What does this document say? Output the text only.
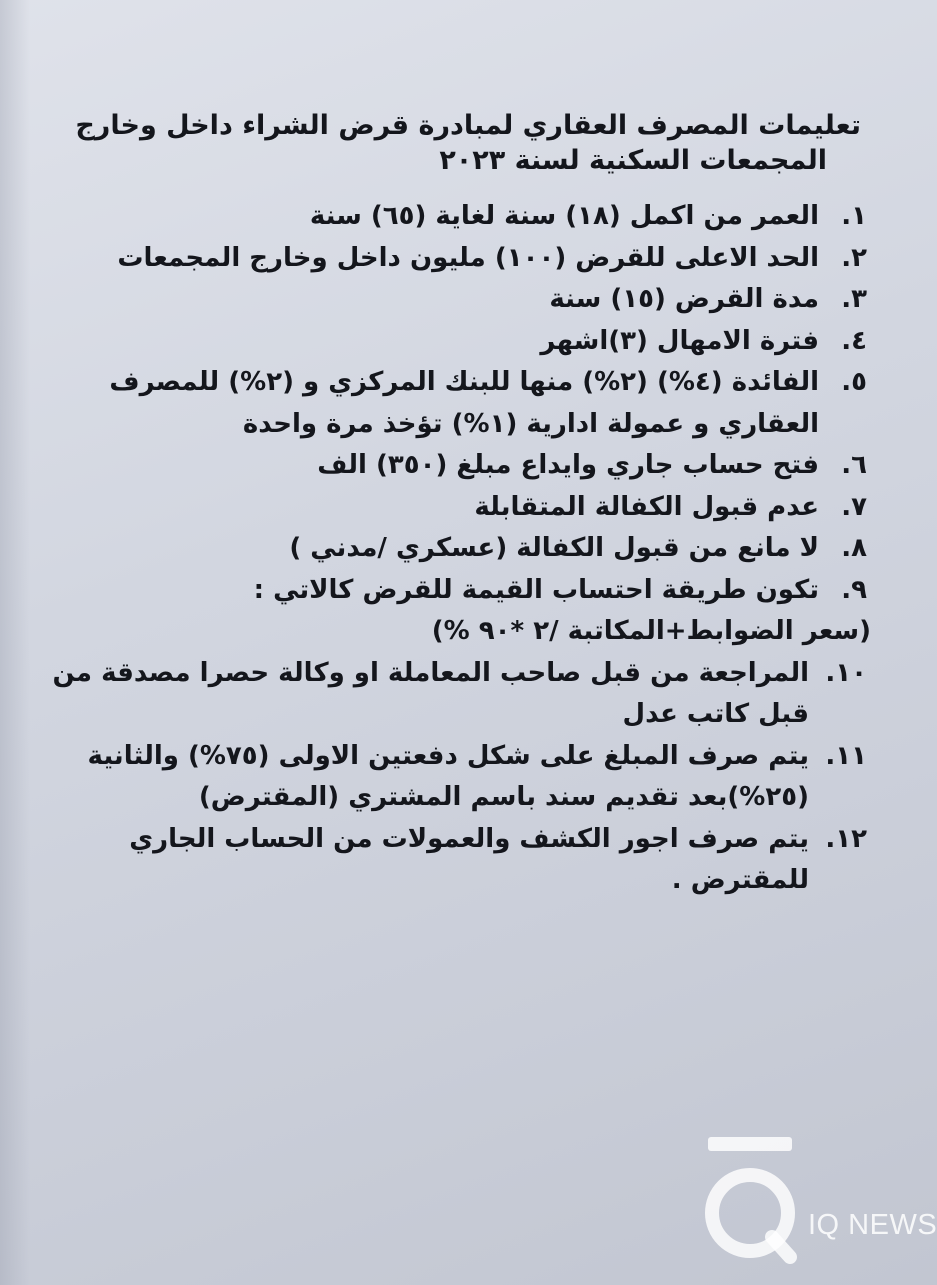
تعليمات المصرف العقاري لمبادرة قرض الشراء داخل وخارج
المجمعات السكنية لسنة ٢٠٢٣
١.
العمر من اكمل (١٨) سنة لغاية (٦٥) سنة
٢.
الحد الاعلى للقرض (١٠٠) مليون داخل وخارج المجمعات
٣.
مدة القرض (١٥) سنة
٤.
فترة الامهال (٣)اشهر
٥.
الفائدة (٤%) (٢%) منها للبنك المركزي و (٢%) للمصرف العقاري و عمولة ادارية (١%) تؤخذ مرة واحدة
٦.
فتح حساب جاري وايداع مبلغ (٣٥٠) الف
٧.
عدم قبول الكفالة المتقابلة
٨.
لا مانع من قبول الكفالة (عسكري /مدني )
٩.
تكون طريقة احتساب القيمة للقرض كالاتي :
(سعر الضوابط+المكاتبة /٢ *٩٠ %)
١٠.
المراجعة من قبل صاحب المعاملة او وكالة حصرا مصدقة من قبل كاتب عدل
١١.
يتم صرف المبلغ على شكل دفعتين الاولى (٧٥%) والثانية (٢٥%)بعد تقديم سند باسم المشتري (المقترض)
١٢.
يتم صرف اجور الكشف والعمولات من الحساب الجاري للمقترض .
IQ NEWS
